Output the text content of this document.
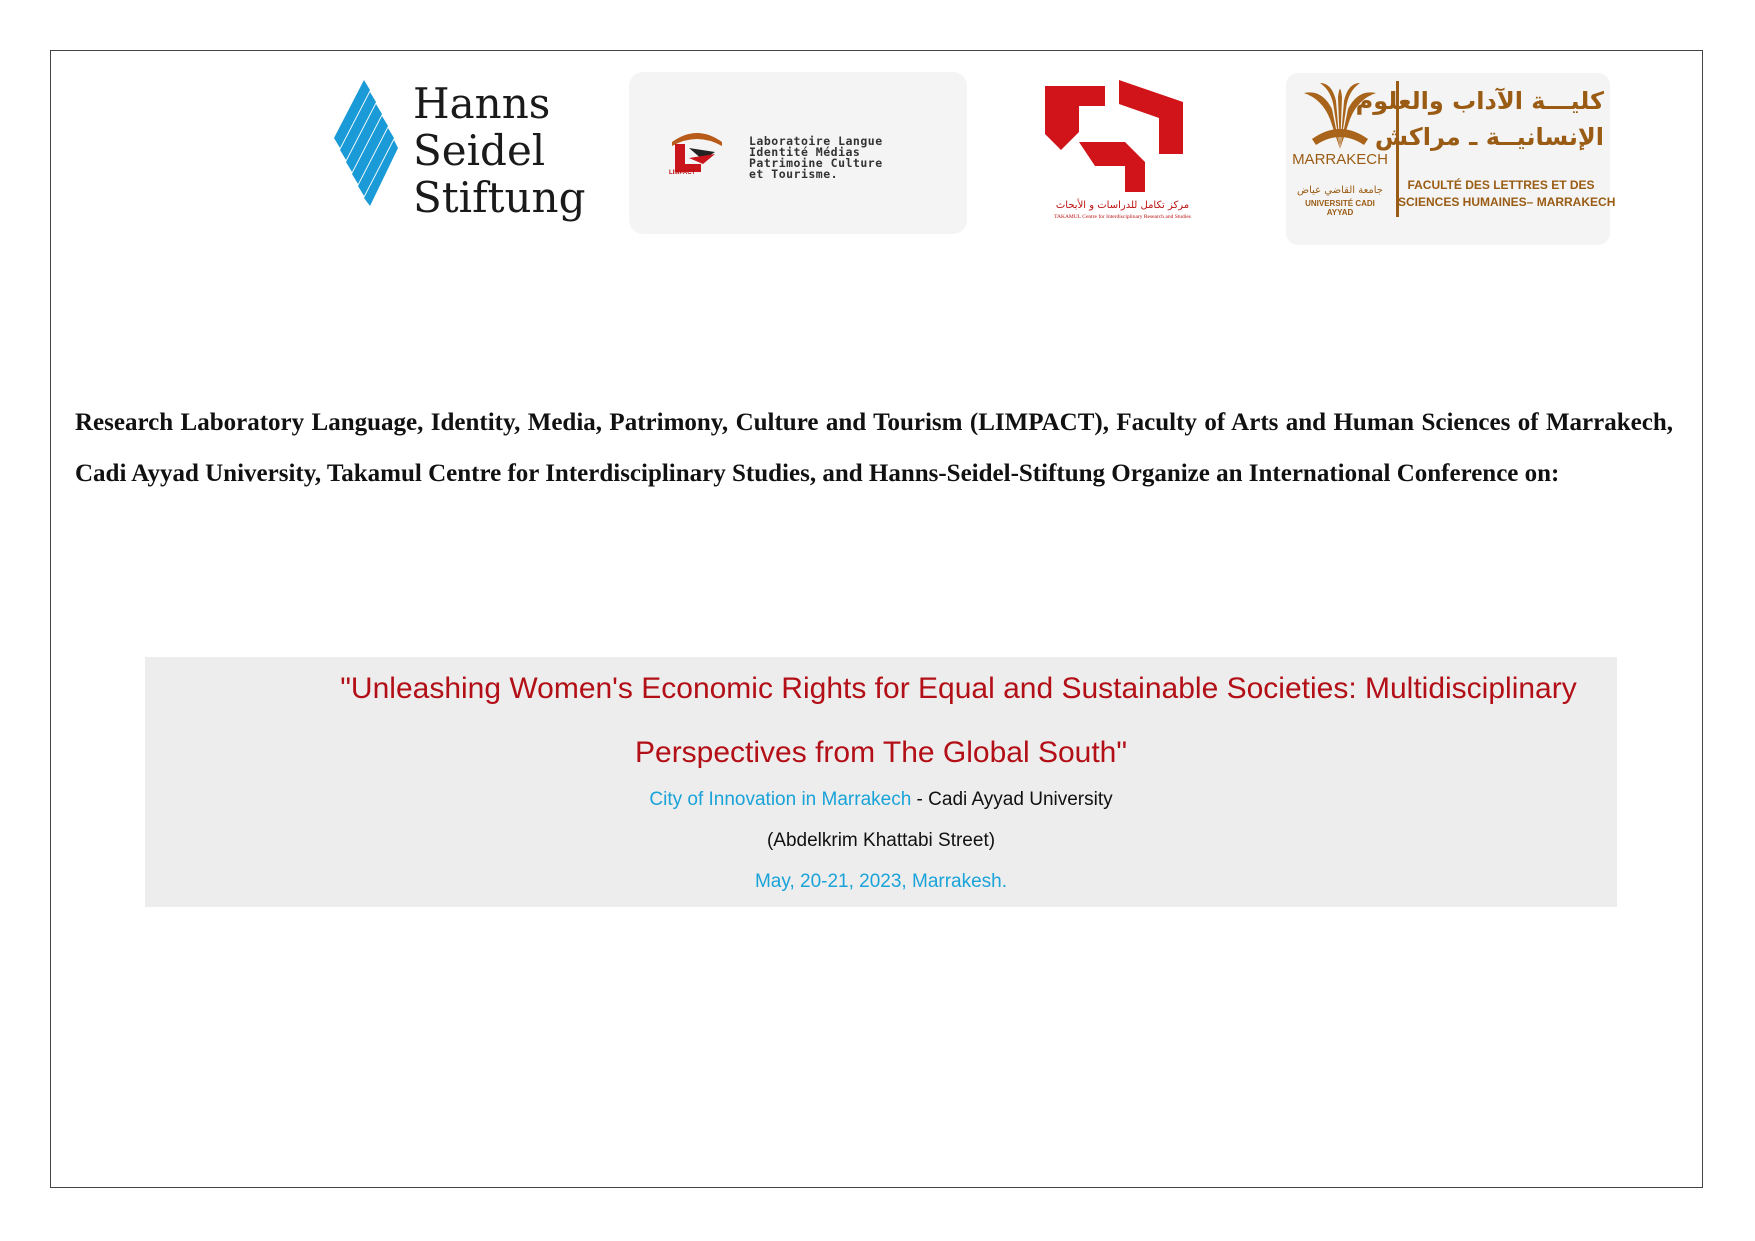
Hanns
Seidel
Stiftung	LIMPACT
Laboratoire Langue
Identité Médias
Patrimoine Culture
et Tourisme.
مركز تكامل للدراسات و الأبحاث
TAKAMUL Centre for Interdisciplinary Research and Studies
MARRAKECH
جامعة القاضي عياض
UNIVERSITÉ CADI AYYAD
كليـــة الآداب والعلوم
الإنسانيــة ـ مراكش
FACULTÉ DES LETTRES ET DES
SCIENCES HUMAINES– MARRAKECH
Research Laboratory Language, Identity, Media, Patrimony, Culture and Tourism (LIMPACT), Faculty of Arts and Human Sciences of Marrakech, Cadi Ayyad University, Takamul Centre for Interdisciplinary Studies, and Hanns-Seidel-Stiftung Organize an International Conference on:
"Unleashing Women's Economic Rights for Equal and Sustainable Societies: Multidisciplinary
Perspectives from The Global South"
City of Innovation in Marrakech - Cadi Ayyad University
(Abdelkrim Khattabi Street)
May, 20-21, 2023, Marrakesh.
